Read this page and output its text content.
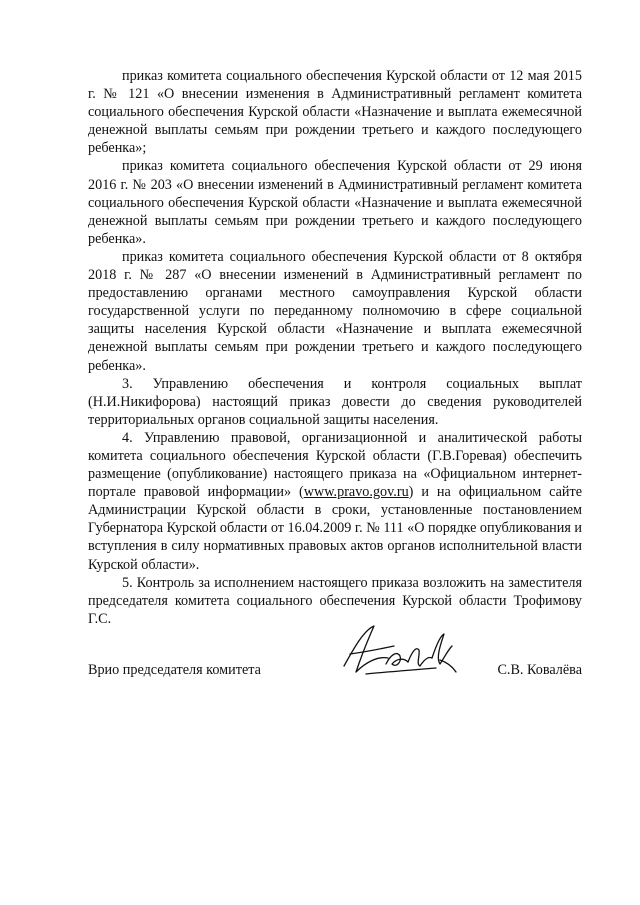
приказ комитета социального обеспечения Курской области от 12 мая 2015 г. № 121 «О внесении изменения в Административный регламент комитета социального обеспечения Курской области «Назначение и выплата ежемесячной денежной выплаты семьям при рождении третьего и каждого последующего ребенка»;

приказ комитета социального обеспечения Курской области от 29 июня 2016 г. № 203 «О внесении изменений в Административный регламент комитета социального обеспечения Курской области «Назначение и выплата ежемесячной денежной выплаты семьям при рождении третьего и каждого последующего ребенка».

приказ комитета социального обеспечения Курской области от 8 октября 2018 г. № 287 «О внесении изменений в Административный регламент по предоставлению органами местного самоуправления Курской области государственной услуги по переданному полномочию в сфере социальной защиты населения Курской области «Назначение и выплата ежемесячной денежной выплаты семьям при рождении третьего и каждого последующего ребенка».

3. Управлению обеспечения и контроля социальных выплат (Н.И.Никифорова) настоящий приказ довести до сведения руководителей территориальных органов социальной защиты населения.

4. Управлению правовой, организационной и аналитической работы комитета социального обеспечения Курской области (Г.В.Горевая) обеспечить размещение (опубликование) настоящего приказа на «Официальном интернет-портале правовой информации» (www.pravo.gov.ru) и на официальном сайте Администрации Курской области в сроки, установленные постановлением Губернатора Курской области от 16.04.2009 г. № 111 «О порядке опубликования и вступления в силу нормативных правовых актов органов исполнительной власти Курской области».

5. Контроль за исполнением настоящего приказа возложить на заместителя председателя комитета социального обеспечения Курской области Трофимову Г.С.

Врио председателя комитета	С.В. Ковалёва
